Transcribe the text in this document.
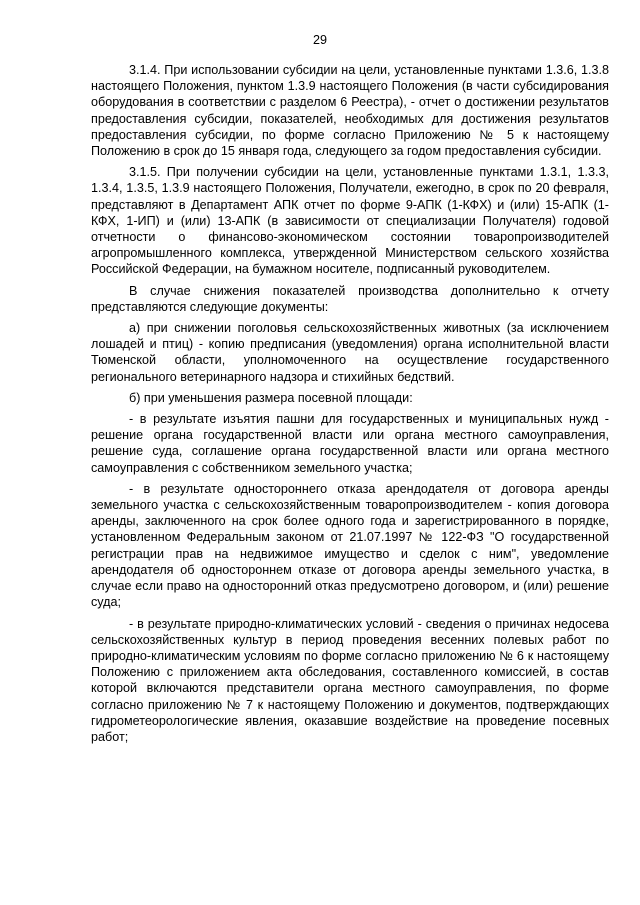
29

3.1.4. При использовании субсидии на цели, установленные пунктами 1.3.6, 1.3.8 настоящего Положения, пунктом 1.3.9 настоящего Положения (в части субсидирования оборудования в соответствии с разделом 6 Реестра), - отчет о достижении результатов предоставления субсидии, показателей, необходимых для достижения результатов предоставления субсидии, по форме согласно Приложению № 5 к настоящему Положению в срок до 15 января года, следующего за годом предоставления субсидии.

3.1.5. При получении субсидии на цели, установленные пунктами 1.3.1, 1.3.3, 1.3.4, 1.3.5, 1.3.9 настоящего Положения, Получатели, ежегодно, в срок по 20 февраля, представляют в Департамент АПК отчет по форме 9-АПК (1-КФХ) и (или) 15-АПК (1-КФХ, 1-ИП) и (или) 13-АПК (в зависимости от специализации Получателя) годовой отчетности о финансово-экономическом состоянии товаропроизводителей агропромышленного комплекса, утвержденной Министерством сельского хозяйства Российской Федерации, на бумажном носителе, подписанный руководителем.

В случае снижения показателей производства дополнительно к отчету представляются следующие документы:

а) при снижении поголовья сельскохозяйственных животных (за исключением лошадей и птиц) - копию предписания (уведомления) органа исполнительной власти Тюменской области, уполномоченного на осуществление государственного регионального ветеринарного надзора и стихийных бедствий.

б) при уменьшения размера посевной площади:

- в результате изъятия пашни для государственных и муниципальных нужд - решение органа государственной власти или органа местного самоуправления, решение суда, соглашение органа государственной власти или органа местного самоуправления с собственником земельного участка;

- в результате одностороннего отказа арендодателя от договора аренды земельного участка с сельскохозяйственным товаропроизводителем - копия договора аренды, заключенного на срок более одного года и зарегистрированного в порядке, установленном Федеральным законом от 21.07.1997 № 122-ФЗ "О государственной регистрации прав на недвижимое имущество и сделок с ним", уведомление арендодателя об одностороннем отказе от договора аренды земельного участка, в случае если право на односторонний отказ предусмотрено договором, и (или) решение суда;

- в результате природно-климатических условий - сведения о причинах недосева сельскохозяйственных культур в период проведения весенних полевых работ по природно-климатическим условиям по форме согласно приложению № 6 к настоящему Положению с приложением акта обследования, составленного комиссией, в состав которой включаются представители органа местного самоуправления, по форме согласно приложению № 7 к настоящему Положению и документов, подтверждающих гидрометеорологические явления, оказавшие воздействие на проведение посевных работ;
